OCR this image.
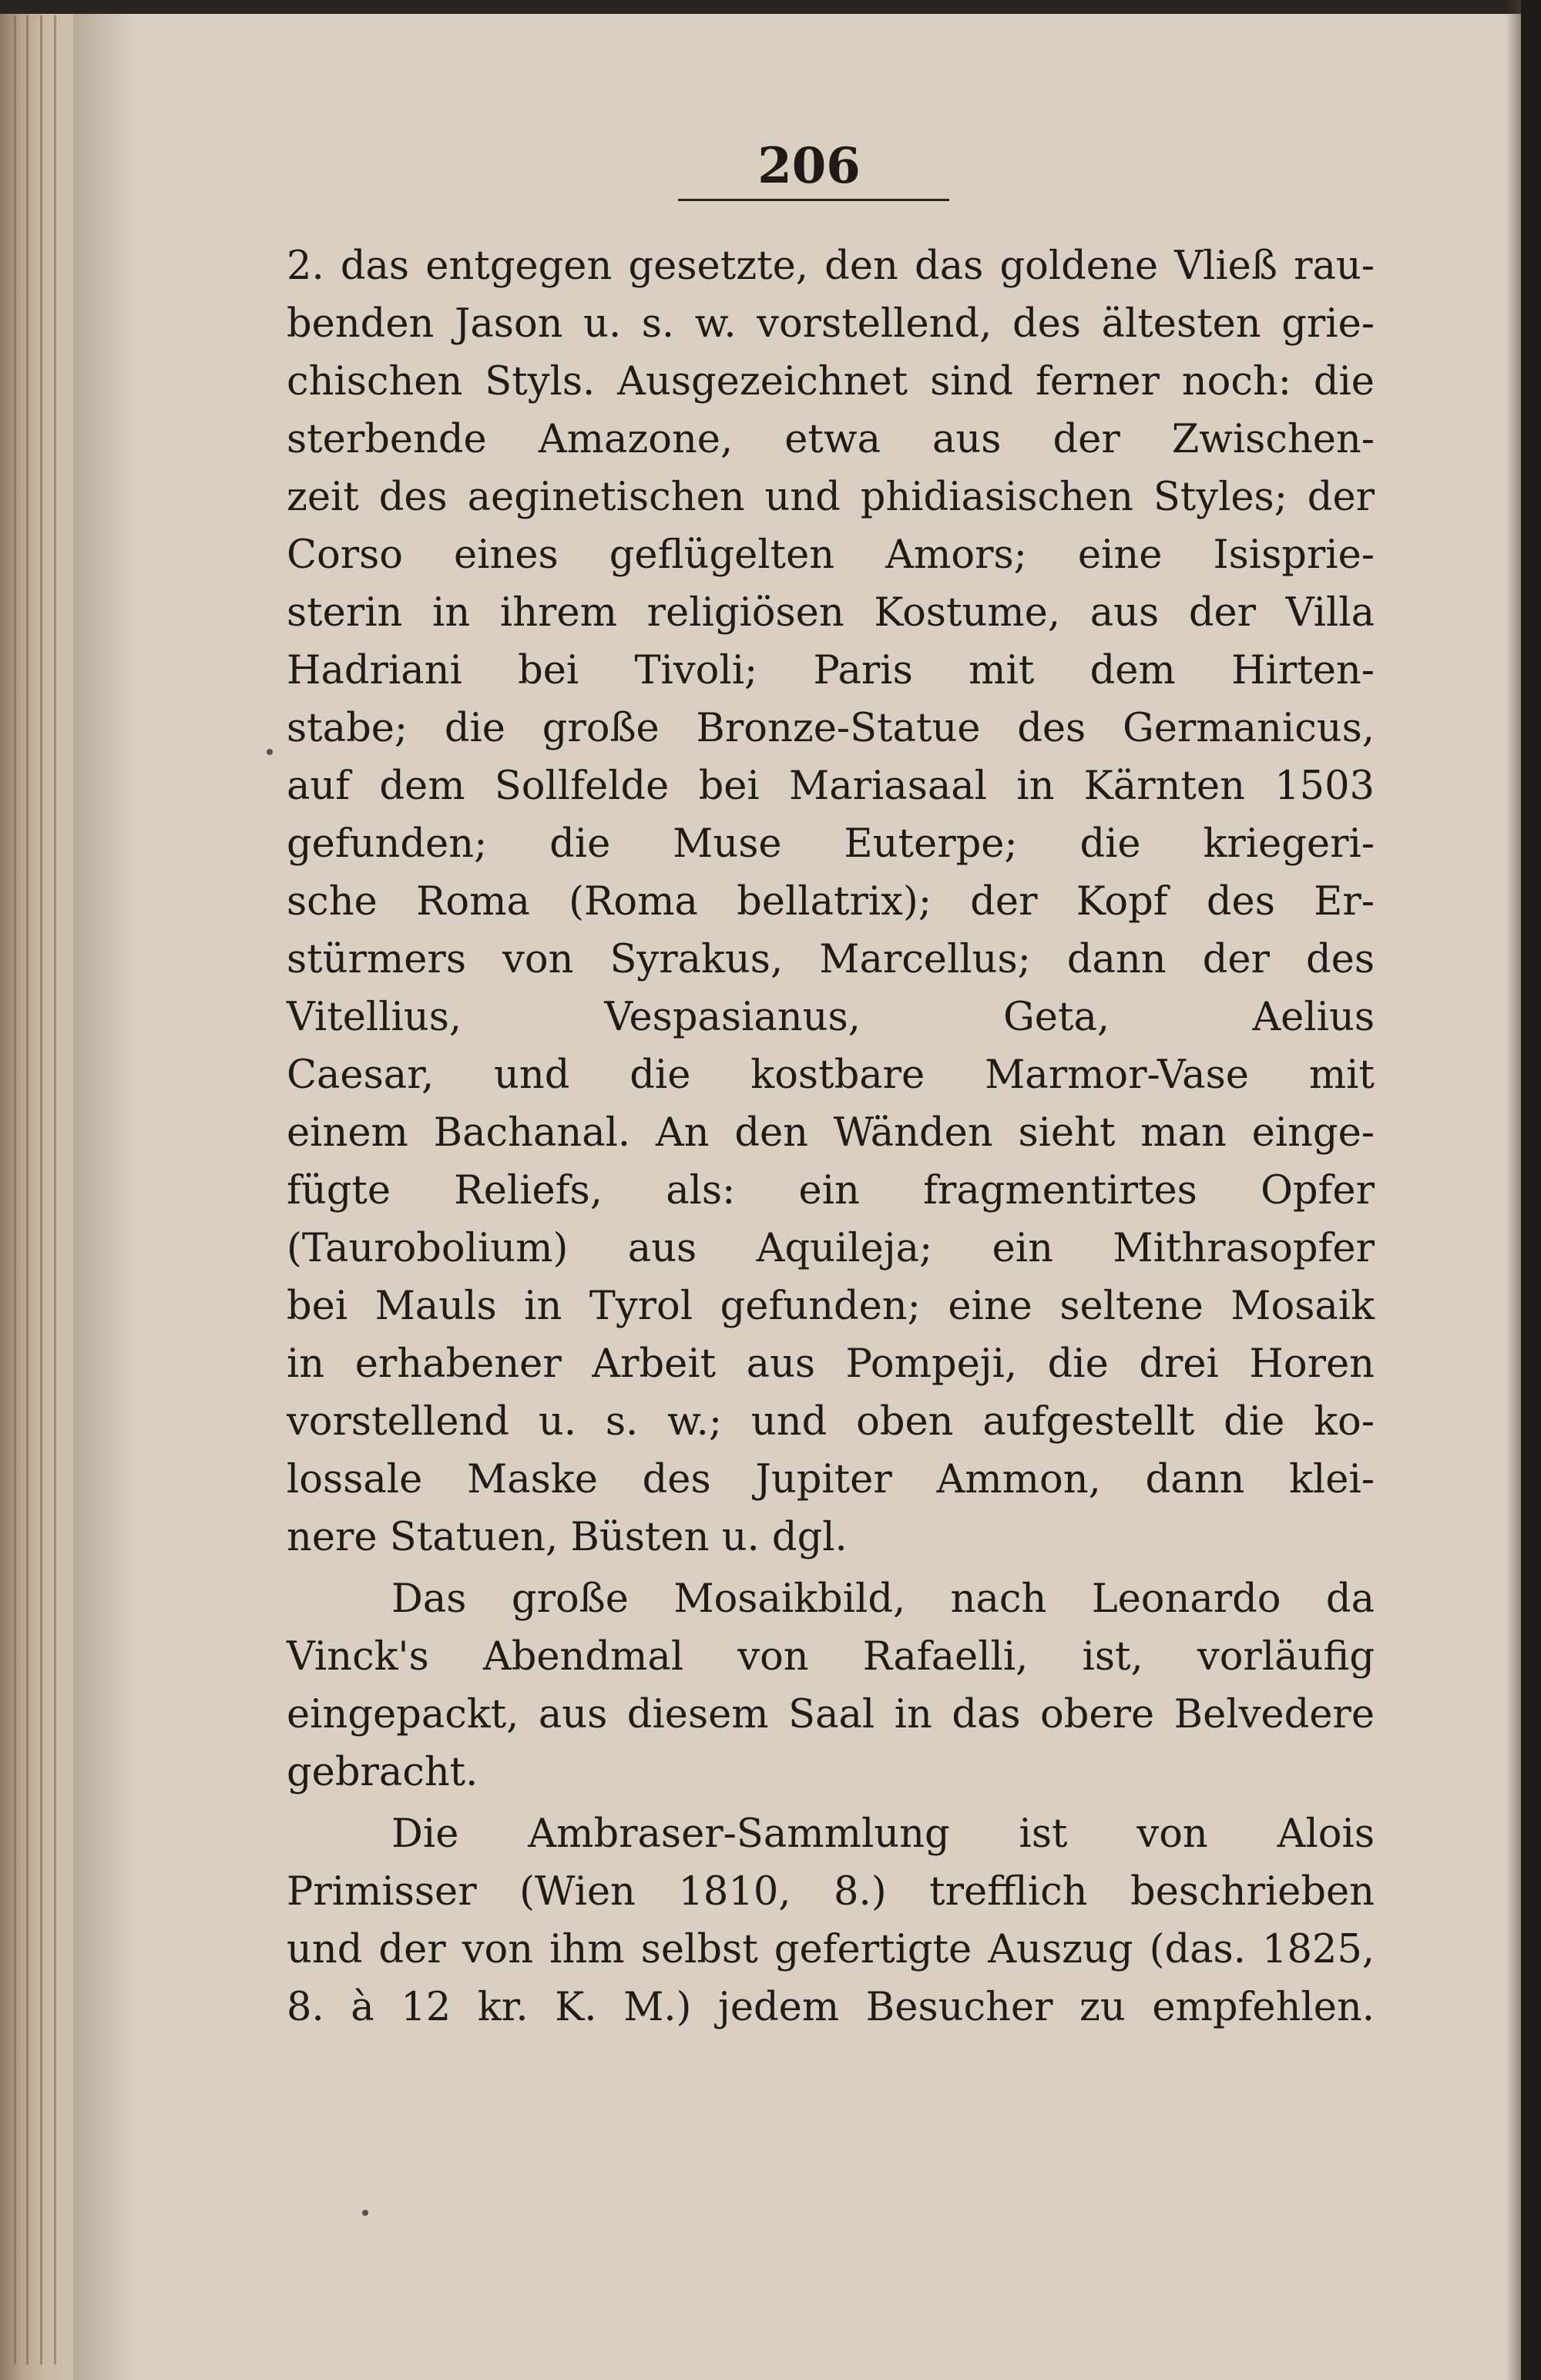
206
2. das entgegen gesetzte, den das goldene Vließ rau-
benden Jason u. s. w. vorstellend, des ältesten grie-
chischen Styls. Ausgezeichnet sind ferner noch: die
sterbende Amazone, etwa aus der Zwischen-
zeit des aeginetischen und phidiasischen Styles; der
Corso eines geflügelten Amors; eine Isispriе-
sterin in ihrem religiösen Kostume, aus der Villa
Hadriani bei Tivoli; Paris mit dem Hirten-
stabe; die große Bronze-Statue des Germanicus,
auf dem Sollfelde bei Mariasaal in Kärnten 1503
gefunden; die Muse Euterpe; die kriegeri-
sche Roma (Roma bellatrix); der Kopf des Er-
stürmers von Syrakus, Marcellus; dann der des
Vitellius, Vespasianus, Geta, Aelius
Caesar, und die kostbare Marmor-Vase mit
einem Bachanal. An den Wänden sieht man einge-
fügte Reliefs, als: ein fragmentirtes Opfer
(Taurobolium) aus Aquileja; ein Mithrasopfer
bei Mauls in Tyrol gefunden; eine seltene Mosaik
in erhabener Arbeit aus Pompeji, die drei Horen
vorstellend u. s. w.; und oben aufgestellt die ko-
lossale Maske des Jupiter Ammon, dann klei-
nere Statuen, Büsten u. dgl.
Das große Mosaikbild, nach Leonardo da
Vinck's Abendmal von Rafaelli, ist, vorläufig
eingepackt, aus diesem Saal in das obere Belvedere
gebracht.
Die Ambraser-Sammlung ist von Alois
Primisser (Wien 1810, 8.) trefflich beschrieben
und der von ihm selbst gefertigte Auszug (das. 1825,
8. à 12 kr. K. M.) jedem Besucher zu empfehlen.
